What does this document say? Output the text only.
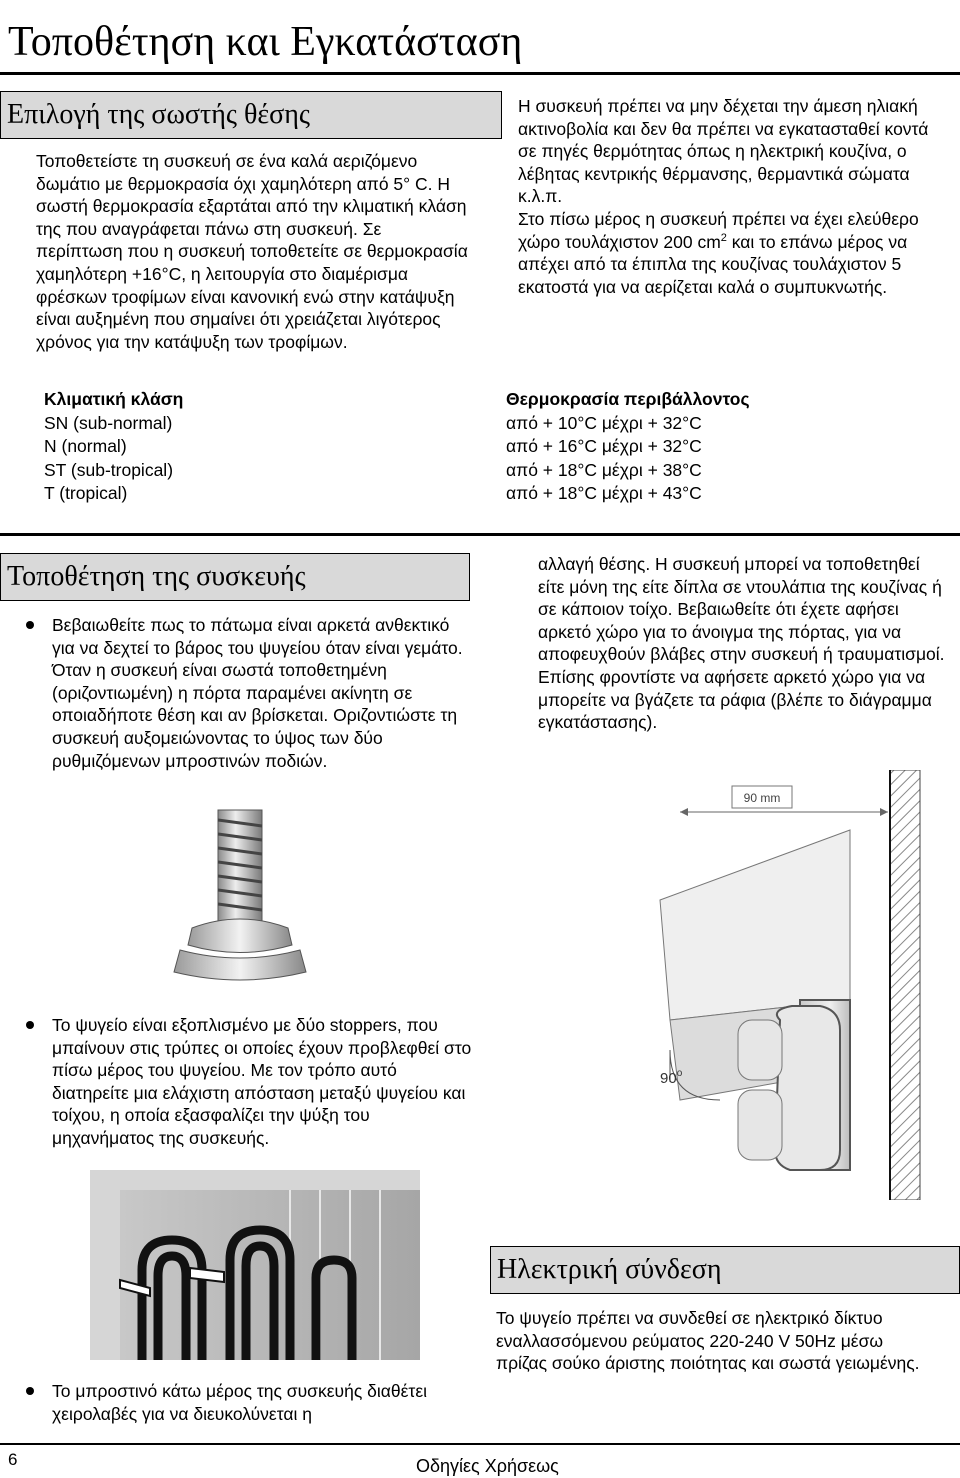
Τοποθέτηση και Εγκατάσταση
Επιλογή της σωστής θέσης

Τοποθετείστε τη συσκευή σε ένα καλά αεριζόμενο δωμάτιο με θερμοκρασία όχι χαμηλότερη από 5° C. Η σωστή θερμοκρασία εξαρτάται από την κλιματική κλάση της που αναγράφεται πάνω στη συσκευή. Σε περίπτωση που η συσκευή τοποθετείτε σε θερμοκρασία χαμηλότερη +16°C, η λειτουργία στο διαμέρισμα φρέσκων τροφίμων είναι κανονική ενώ στην κατάψυξη είναι αυξημένη που σημαίνει ότι χρειάζεται λιγότερος χρόνος για την κατάψυξη των τροφίμων.

Η συσκευή πρέπει να μην δέχεται την άμεση ηλιακή ακτινοβολία και δεν θα πρέπει να εγκατασταθεί κοντά σε πηγές θερμότητας όπως η ηλεκτρική κουζίνα, ο λέβητας κεντρικής θέρμανσης, θερμαντικά σώματα κ.λ.π.

Στο πίσω μέρος η συσκευή πρέπει να έχει ελεύθερο χώρο τουλάχιστον 200 $cm^2$ και το επάνω μέρος να απέχει από τα έπιπλα της κουζίνας τουλάχιστον 5 εκατοστά για να αερίζεται καλά ο συμπυκνωτής.

Κλιματική κλάση	Θερμοκρασία περιβάλλοντος
SN (sub-normal)	από + 10°C μέχρι + 32°C
N (normal)	από + 16°C μέχρι + 32°C
ST (sub-tropical)	από + 18°C μέχρι + 38°C
T (tropical)	από + 18°C μέχρι + 43°C
Τοποθέτηση της συσκευής
Βεβαιωθείτε πως το πάτωμα είναι αρκετά ανθεκτικό για να δεχτεί το βάρος του ψυγείου όταν είναι γεμάτο. Όταν η συσκευή είναι σωστά τοποθετημένη (οριζοντιωμένη) η πόρτα παραμένει ακίνητη σε οποιαδήποτε θέση και αν βρίσκεται. Οριζοντιώστε τη συσκευή αυξομειώνοντας το ύψος των δύο ρυθμιζόμενων μπροστινών ποδιών.
Το ψυγείο είναι εξοπλισμένο με δύο stoppers, που μπαίνουν στις τρύπες οι οποίες έχουν προβλεφθεί στο πίσω μέρος του ψυγείου. Με τον τρόπο αυτό διατηρείτε μια ελάχιστη απόσταση μεταξύ ψυγείου και τοίχου, η οποία εξασφαλίζει την ψύξη του μηχανήματος της συσκευής.
Το μπροστινό κάτω μέρος της συσκευής διαθέτει χειρολαβές για να διευκολύνεται η

αλλαγή θέσης. Η συσκευή μπορεί να τοποθετηθεί είτε μόνη της είτε δίπλα σε ντουλάπια της κουζίνας ή σε κάποιον τοίχο. Βεβαιωθείτε ότι έχετε αφήσει αρκετό χώρο για το άνοιγμα της πόρτας, για να αποφευχθούν βλάβες στην συσκευή ή τραυματισμοί. Επίσης φροντίστε να αφήσετε αρκετό χώρο για να μπορείτε να βγάζετε τα ράφια (βλέπε το διάγραμμα εγκατάστασης).

90 mm
90$^o$
Ηλεκτρική σύνδεση

Το ψυγείο πρέπει να συνδεθεί σε ηλεκτρικό δίκτυο εναλλασσόμενου ρεύματος 220-240 V 50Hz μέσω πρίζας σούκο άριστης ποιότητας και σωστά γειωμένης.

6	Οδηγίες Χρήσεως
